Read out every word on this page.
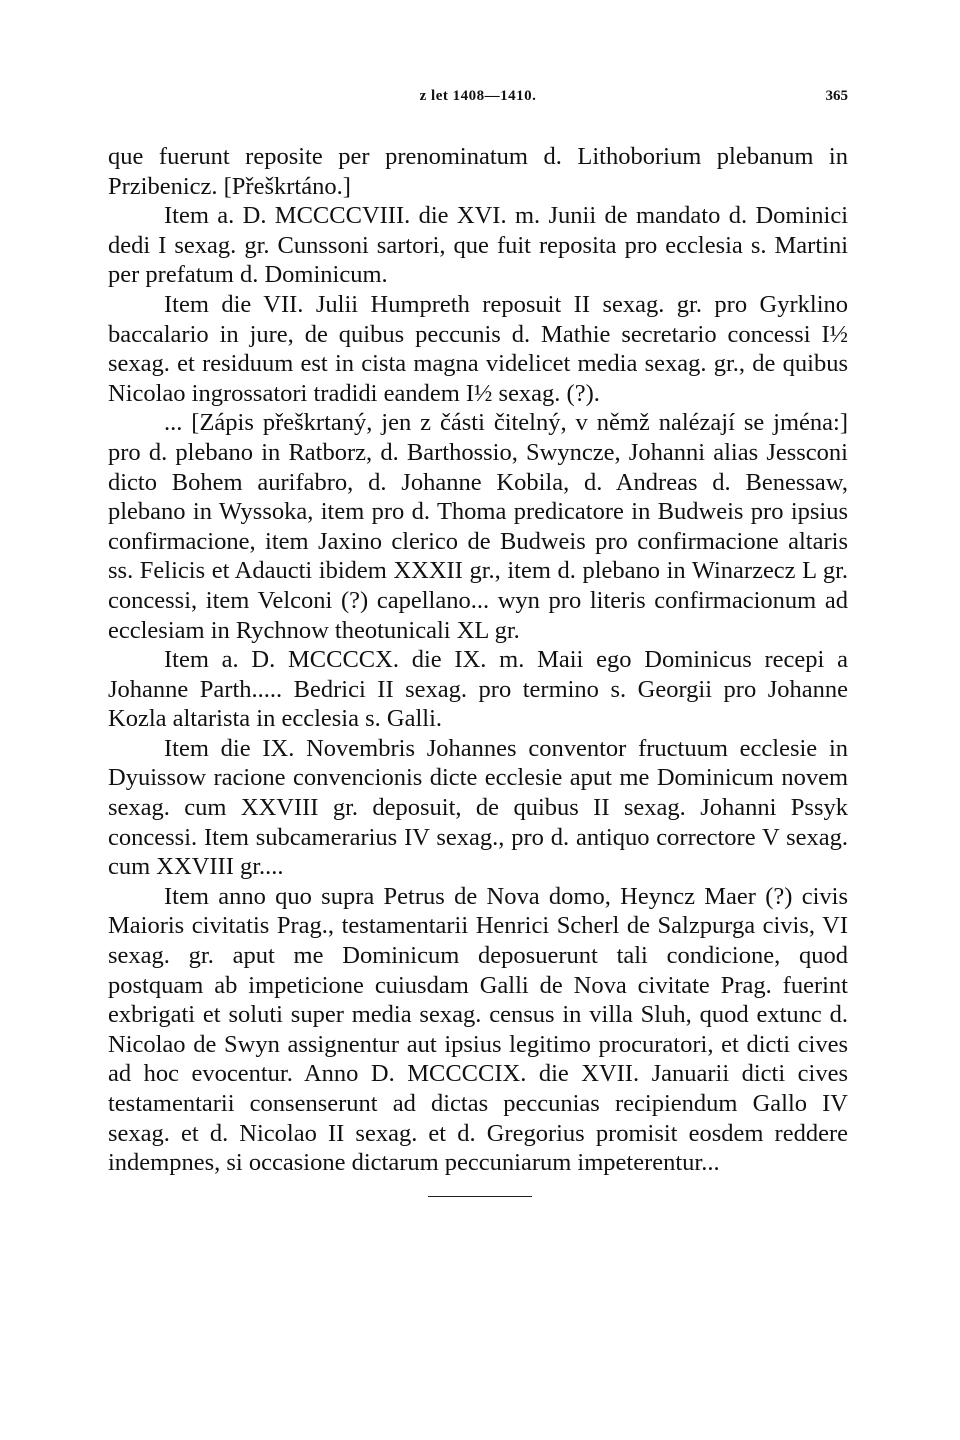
z let 1408—1410.	365

que fuerunt reposite per prenominatum d. Lithoborium plebanum in Przibenicz. [Přeškrtáno.]

Item a. D. MCCCCVIII. die XVI. m. Junii de mandato d. Dominici dedi I sexag. gr. Cunssoni sartori, que fuit reposita pro ecclesia s. Martini per prefatum d. Dominicum.

Item die VII. Julii Humpreth reposuit II sexag. gr. pro Gyrklino baccalario in jure, de quibus peccunis d. Mathie secretario concessi I½ sexag. et residuum est in cista magna videlicet media sexag. gr., de quibus Nicolao ingrossatori tradidi eandem I½ sexag. (?).

... [Zápis přeškrtaný, jen z části čitelný, v němž nalézají se jména:] pro d. plebano in Ratborz, d. Barthossio, Swyncze, Johanni alias Jessconi dicto Bohem aurifabro, d. Johanne Kobila, d. Andreas d. Benessaw, plebano in Wyssoka, item pro d. Thoma predicatore in Budweis pro ipsius confirmacione, item Jaxino clerico de Budweis pro confirmacione altaris ss. Felicis et Adaucti ibidem XXXII gr., item d. plebano in Winarzecz L gr. concessi, item Velconi (?) capellano... wyn pro literis confirmacionum ad ecclesiam in Rychnow theotunicali XL gr.

Item a. D. MCCCCX. die IX. m. Maii ego Dominicus recepi a Johanne Parth..... Bedrici II sexag. pro termino s. Georgii pro Johanne Kozla altarista in ecclesia s. Galli.

Item die IX. Novembris Johannes conventor fructuum ecclesie in Dyuissow racione convencionis dicte ecclesie aput me Dominicum novem sexag. cum XXVIII gr. deposuit, de quibus II sexag. Johanni Pssyk concessi. Item subcamerarius IV sexag., pro d. antiquo correctore V sexag. cum XXVIII gr....

Item anno quo supra Petrus de Nova domo, Heyncz Maer (?) civis Maioris civitatis Prag., testamentarii Henrici Scherl de Salzpurga civis, VI sexag. gr. aput me Dominicum deposuerunt tali condicione, quod postquam ab impeticione cuiusdam Galli de Nova civitate Prag. fuerint exbrigati et soluti super media sexag. census in villa Sluh, quod extunc d. Nicolao de Swyn assignentur aut ipsius legitimo procuratori, et dicti cives ad hoc evocentur. Anno D. MCCCCIX. die XVII. Januarii dicti cives testamentarii consenserunt ad dictas peccunias recipiendum Gallo IV sexag. et d. Nicolao II sexag. et d. Gregorius promisit eosdem reddere indempnes, si occasione dictarum peccuniarum impeterentur...
